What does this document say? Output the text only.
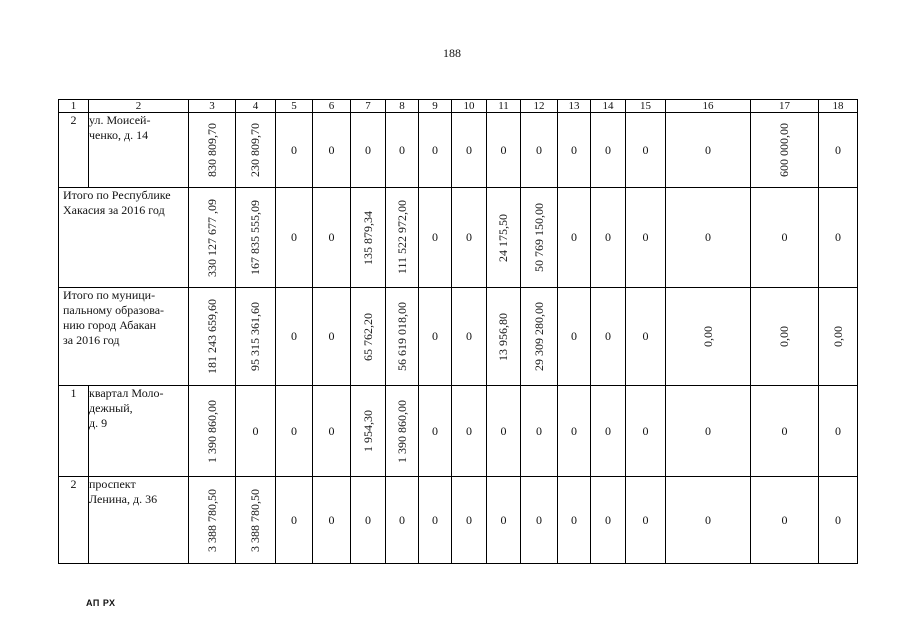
188
1	2	3	4	5	6	7	8	9	10	11	12	13	14	15	16	17	18
2	ул. Моисей-
ченко, д. 14	830 809,70	230 809,70	0	0	0	0	0	0	0	0	0	0	0	0	600 000,00	0

Итого по Республике
Хакасия за 2016 год		330 127 677 ,09	167 835 555,09	0	0	135 879,34	111 522 972,00	0	0	24 175,50	50 769 150,00	0	0	0	0	0	0

Итого по муници-
пальному образова-
нию город Абакан
за 2016 год		181 243 659,60	95 315 361,60	0	0	65 762,20	56 619 018,00	0	0	13 956,80	29 309 280,00	0	0	0	0,00	0,00	0,00
1	квартал Моло-
дежный,
д. 9	1 390 860,00	0	0	0	1 954,30	1 390 860,00	0	0	0	0	0	0	0	0	0	0
2	проспект
Ленина, д. 36	3 388 780,50	3 388 780,50	0	0	0	0	0	0	0	0	0	0	0	0	0	0
АП РХ
